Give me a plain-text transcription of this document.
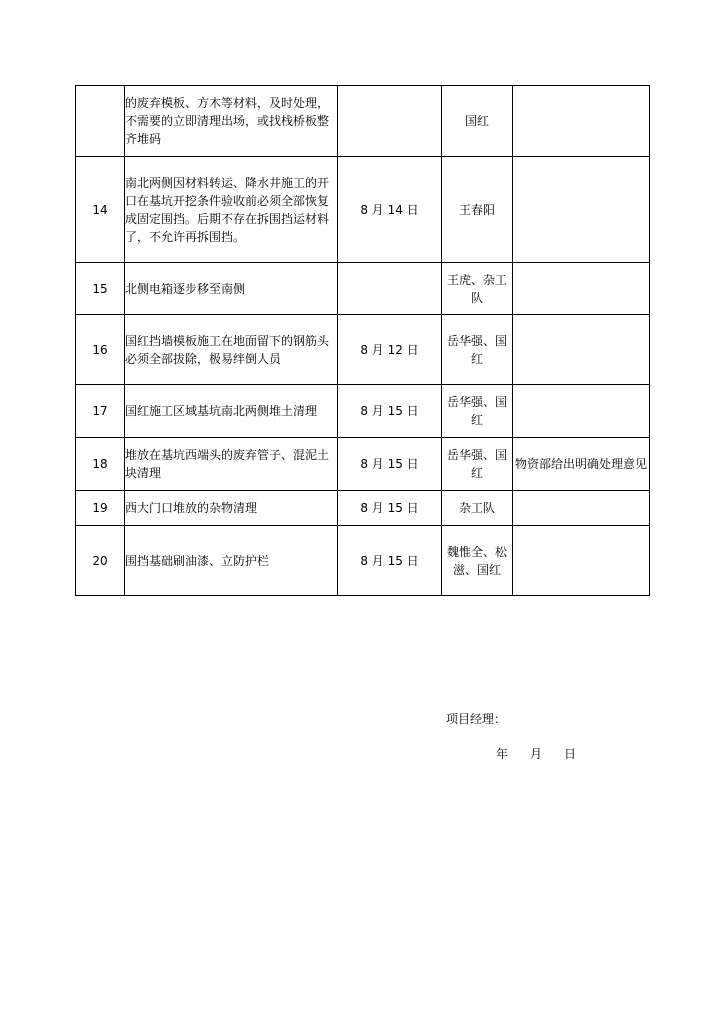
	的废弃模板、方木等材料，及时处理，不需要的立即清理出场，或找栈桥板整齐堆码		国红	
14	南北两侧因材料转运、降水井施工的开口在基坑开挖条件验收前必须全部恢复成固定围挡。后期不存在拆围挡运材料了，不允许再拆围挡。	8 月 14 日	王春阳	
15	北侧电箱逐步移至南侧		王虎、杂工队	
16	国红挡墙模板施工在地面留下的钢筋头必须全部拔除，极易绊倒人员	8 月 12 日	岳华强、国红	
17	国红施工区域基坑南北两侧堆土清理	8 月 15 日	岳华强、国红	
18	堆放在基坑西端头的废弃管子、混泥土块清理	8 月 15 日	岳华强、国红	物资部给出明确处理意见
19	西大门口堆放的杂物清理	8 月 15 日	杂工队	
20	围挡基础刷油漆、立防护栏	8 月 15 日	魏惟全、松滋、国红	
项目经理：
年 月 日
